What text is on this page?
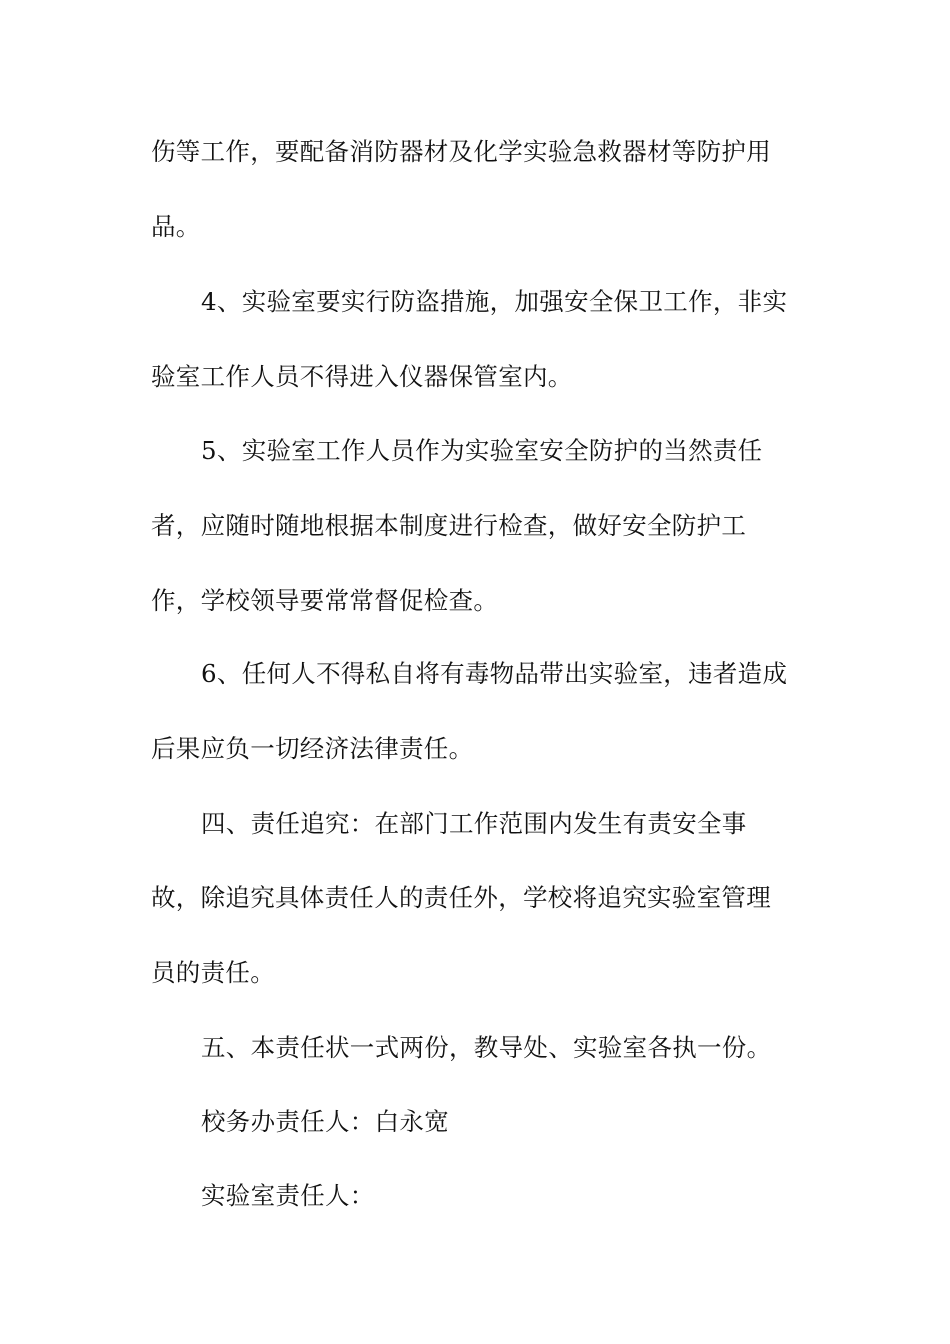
伤等工作，要配备消防器材及化学实验急救器材等防护用
品。
4、实验室要实行防盗措施，加强安全保卫工作，非实
验室工作人员不得进入仪器保管室内。
5、实验室工作人员作为实验室安全防护的当然责任
者，应随时随地根据本制度进行检查，做好安全防护工
作，学校领导要常常督促检查。
6、任何人不得私自将有毒物品带出实验室，违者造成
后果应负一切经济法律责任。
四、责任追究：在部门工作范围内发生有责安全事
故，除追究具体责任人的责任外，学校将追究实验室管理
员的责任。
五、本责任状一式两份，教导处、实验室各执一份。
校务办责任人：白永宽
实验室责任人：
